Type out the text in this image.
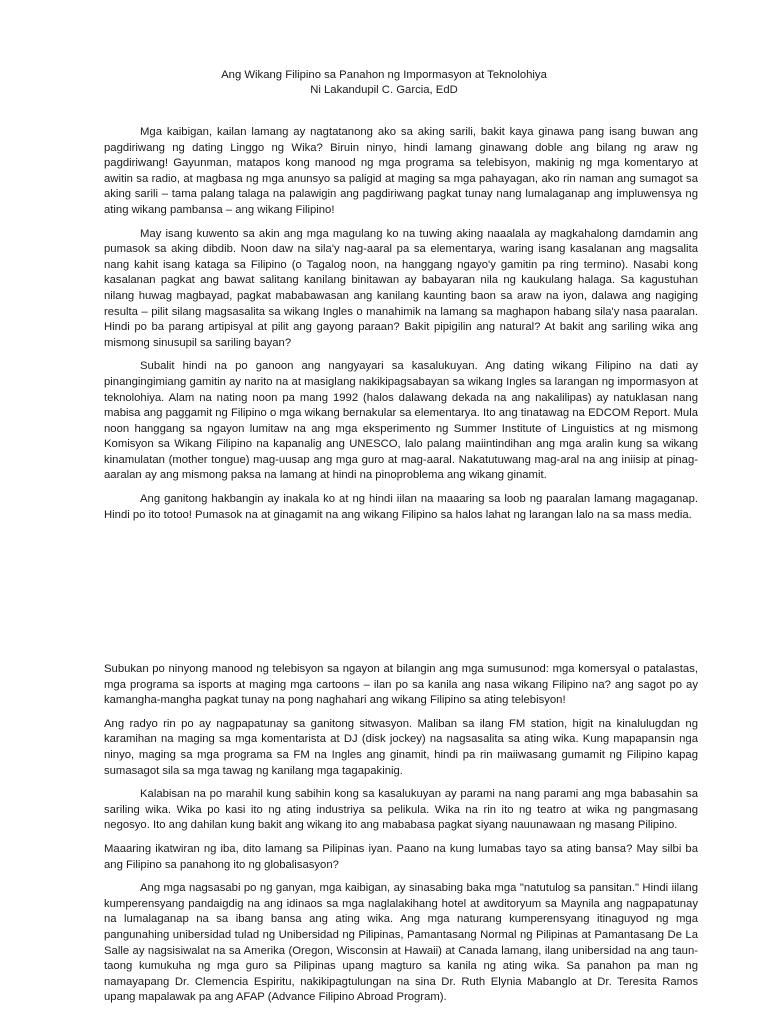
Ang Wikang Filipino sa Panahon ng Impormasyon at Teknolohiya
Ni Lakandupil C. Garcia, EdD

Mga kaibigan, kailan lamang ay nagtatanong ako sa aking sarili, bakit kaya ginawa pang isang buwan ang pagdiriwang ng dating Linggo ng Wika? Biruin ninyo, hindi lamang ginawang doble ang bilang ng araw ng pagdiriwang! Gayunman, matapos kong manood ng mga programa sa telebisyon, makinig ng mga komentaryo at awitin sa radio, at magbasa ng mga anunsyo sa paligid at maging sa mga pahayagan, ako rin naman ang sumagot sa aking sarili – tama palang talaga na palawigin ang pagdiriwang pagkat tunay nang lumalaganap ang impluwensya ng ating wikang pambansa – ang wikang Filipino!

May isang kuwento sa akin ang mga magulang ko na tuwing aking naaalala ay magkahalong damdamin ang pumasok sa aking dibdib. Noon daw na sila'y nag-aaral pa sa elementarya, waring isang kasalanan ang magsalita nang kahit isang kataga sa Filipino (o Tagalog noon, na hanggang ngayo'y gamitin pa ring termino). Nasabi kong kasalanan pagkat ang bawat salitang kanilang binitawan ay babayaran nila ng kaukulang halaga. Sa kagustuhan nilang huwag magbayad, pagkat mababawasan ang kanilang kaunting baon sa araw na iyon, dalawa ang nagiging resulta – pilit silang magsasalita sa wikang Ingles o manahimik na lamang sa maghapon habang sila'y nasa paaralan. Hindi po ba parang artipisyal at pilit ang gayong paraan? Bakit pipigilin ang natural? At bakit ang sariling wika ang mismong sinusupil sa sariling bayan?

Subalit hindi na po ganoon ang nangyayari sa kasalukuyan. Ang dating wikang Filipino na dati ay pinangingimiang gamitin ay narito na at masiglang nakikipagsabayan sa wikang Ingles sa larangan ng impormasyon at teknolohiya. Alam na nating noon pa mang 1992 (halos dalawang dekada na ang nakalilipas) ay natuklasan nang mabisa ang paggamit ng Filipino o mga wikang bernakular sa elementarya. Ito ang tinatawag na EDCOM Report. Mula noon hanggang sa ngayon lumitaw na ang mga eksperimento ng Summer Institute of Linguistics at ng mismong Komisyon sa Wikang Filipino na kapanalig ang UNESCO, lalo palang maiintindihan ang mga aralin kung sa wikang kinamulatan (mother tongue) mag-uusap ang mga guro at mag-aaral. Nakatutuwang mag-aral na ang iniisip at pinag-aaralan ay ang mismong paksa na lamang at hindi na pinoproblema ang wikang ginamit.

Ang ganitong hakbangin ay inakala ko at ng hindi iilan na maaaring sa loob ng paaralan lamang magaganap. Hindi po ito totoo! Pumasok na at ginagamit na ang wikang Filipino sa halos lahat ng larangan lalo na sa mass media.

Subukan po ninyong manood ng telebisyon sa ngayon at bilangin ang mga sumusunod: mga komersyal o patalastas, mga programa sa isports at maging mga cartoons – ilan po sa kanila ang nasa wikang Filipino na? ang sagot po ay kamangha-mangha pagkat tunay na pong naghahari ang wikang Filipino sa ating telebisyon!

Ang radyo rin po ay nagpapatunay sa ganitong sitwasyon. Maliban sa ilang FM station, higit na kinalulugdan ng karamihan na maging sa mga komentarista at DJ (disk jockey) na nagsasalita sa ating wika. Kung mapapansin nga ninyo, maging sa mga programa sa FM na Ingles ang ginamit, hindi pa rin maiiwasang gumamit ng Filipino kapag sumasagot sila sa mga tawag ng kanilang mga tagapakinig.

Kalabisan na po marahil kung sabihin kong sa kasalukuyan ay parami na nang parami ang mga babasahin sa sariling wika. Wika po kasi ito ng ating industriya sa pelikula. Wika na rin ito ng teatro at wika ng pangmasang negosyo. Ito ang dahilan kung bakit ang wikang ito ang mababasa pagkat siyang nauunawaan ng masang Pilipino.

Maaaring ikatwiran ng iba, dito lamang sa Pilipinas iyan. Paano na kung lumabas tayo sa ating bansa? May silbi ba ang Filipino sa panahong ito ng globalisasyon?

Ang mga nagsasabi po ng ganyan, mga kaibigan, ay sinasabing baka mga "natutulog sa pansitan." Hindi iilang kumperensyang pandaigdig na ang idinaos sa mga naglalakihang hotel at awditoryum sa Maynila ang nagpapatunay na lumalaganap na sa ibang bansa ang ating wika. Ang mga naturang kumperensyang itinaguyod ng mga pangunahing unibersidad tulad ng Unibersidad ng Pilipinas, Pamantasang Normal ng Pilipinas at Pamantasang De La Salle ay nagsisiwalat na sa Amerika (Oregon, Wisconsin at Hawaii) at Canada lamang, ilang unibersidad na ang taun-taong kumukuha ng mga guro sa Pilipinas upang magturo sa kanila ng ating wika. Sa panahon pa man ng namayapang Dr. Clemencia Espiritu, nakikipagtulungan na sina Dr. Ruth Elynia Mabanglo at Dr. Teresita Ramos upang mapalawak pa ang AFAP (Advance Filipino Abroad Program).
